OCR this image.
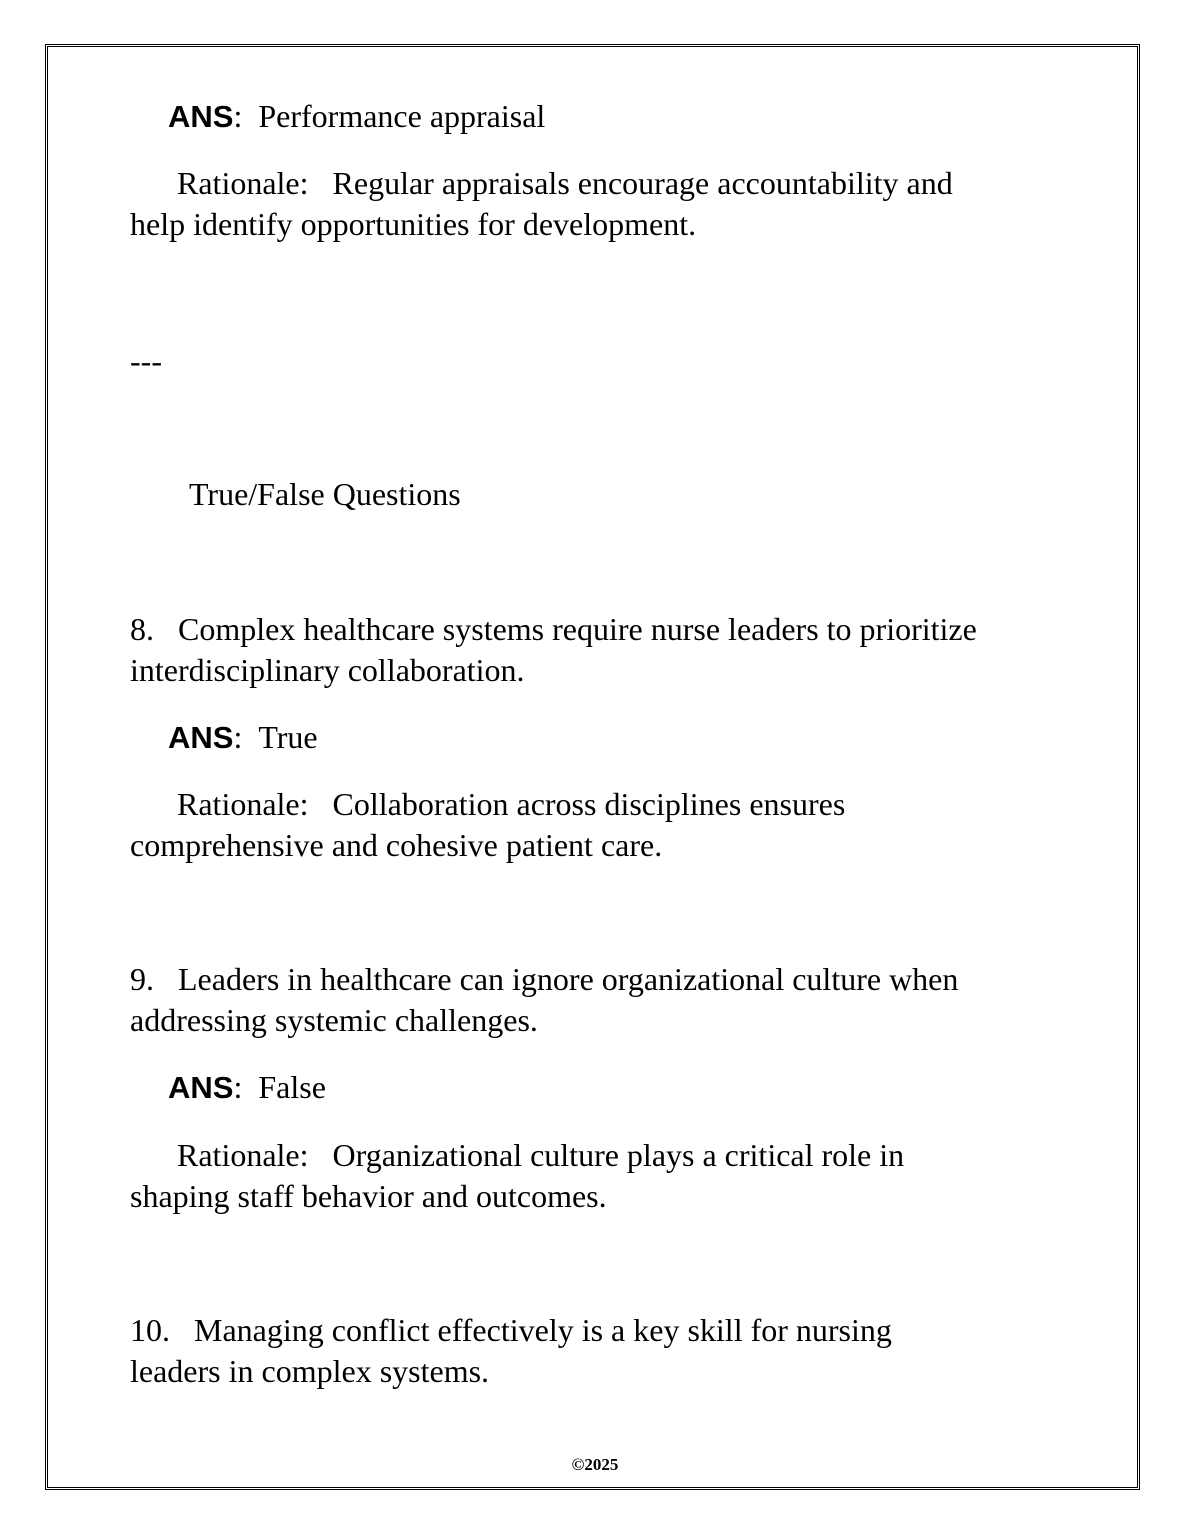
ANS:  Performance appraisal
Rationale: Regular appraisals encourage accountability and
help identify opportunities for development.
---
True/False Questions
8. Complex healthcare systems require nurse leaders to prioritize
interdisciplinary collaboration.
ANS:  True
Rationale: Collaboration across disciplines ensures
comprehensive and cohesive patient care.
9. Leaders in healthcare can ignore organizational culture when
addressing systemic challenges.
ANS:  False
Rationale: Organizational culture plays a critical role in
shaping staff behavior and outcomes.
10. Managing conflict effectively is a key skill for nursing
leaders in complex systems.
©2025
